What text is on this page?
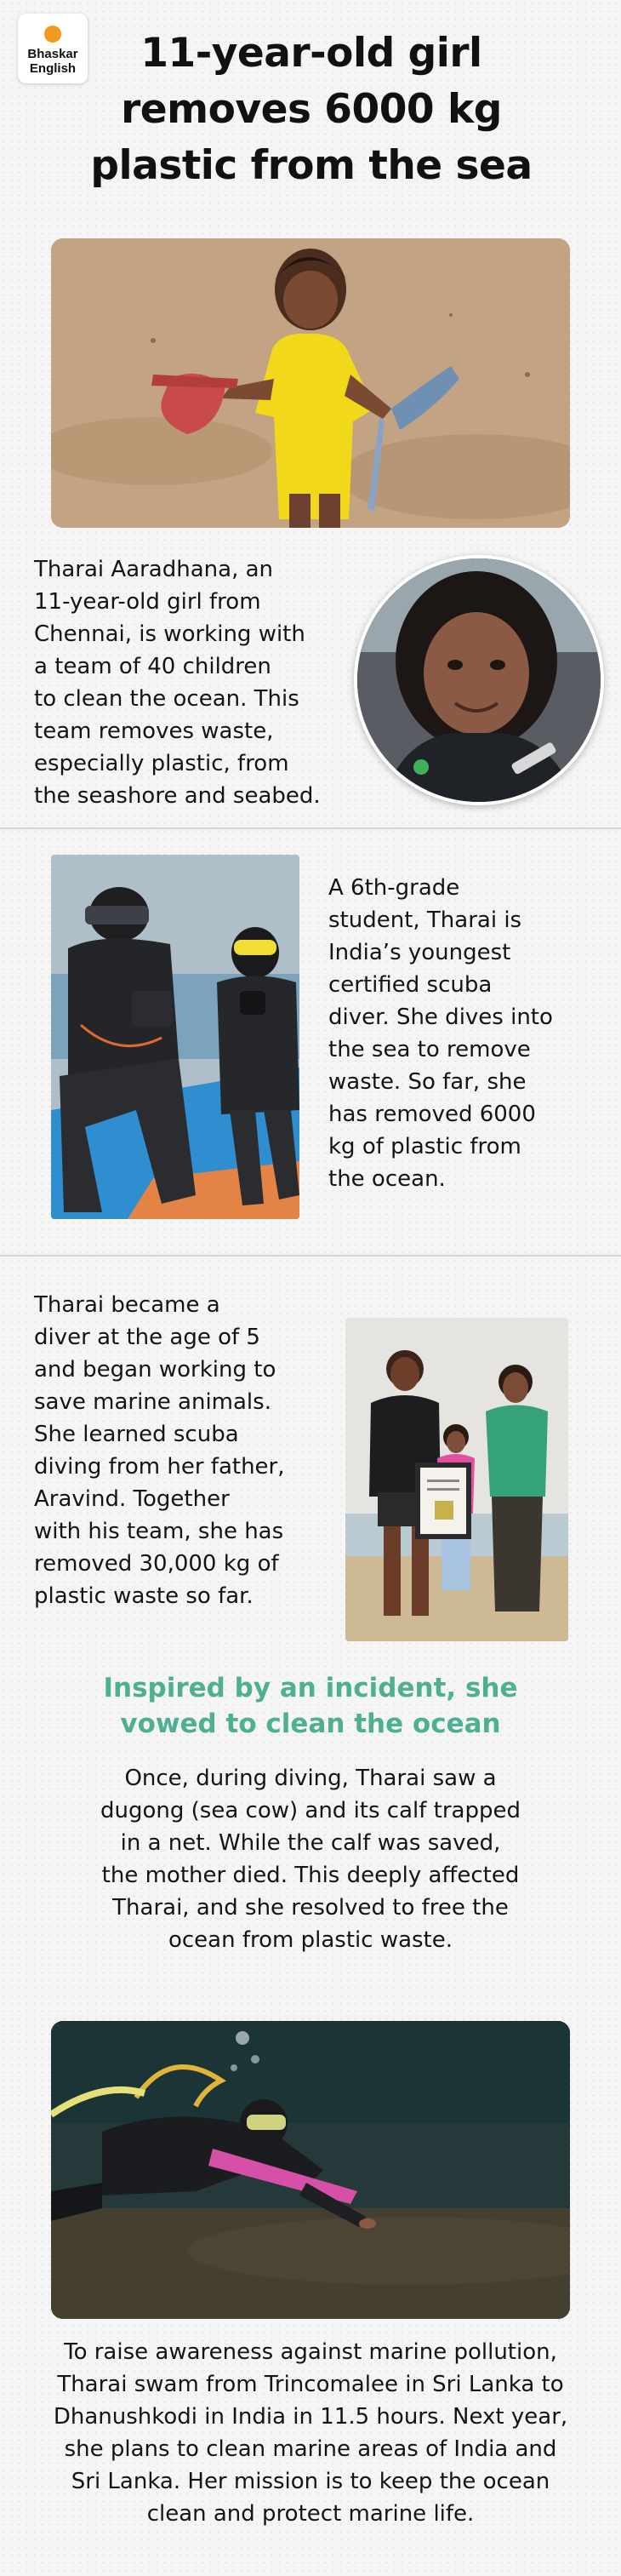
Bhaskar
English	11-year-old girl
removes 6000 kg
plastic from the sea

Tharai Aaradhana, an
11-year-old girl from
Chennai, is working with
a team of 40 children
to clean the ocean. This
team removes waste,
especially plastic, from
the seashore and seabed.

A 6th-grade
student, Tharai is
India’s youngest
certified scuba
diver. She dives into
the sea to remove
waste. So far, she
has removed 6000
kg of plastic from
the ocean.

Tharai became a
diver at the age of 5
and began working to
save marine animals.
She learned scuba
diving from her father,
Aravind. Together
with his team, she has
removed 30,000 kg of
plastic waste so far.

Inspired by an incident, she
vowed to clean the ocean

Once, during diving, Tharai saw a
dugong (sea cow) and its calf trapped
in a net. While the calf was saved,
the mother died. This deeply affected
Tharai, and she resolved to free the
ocean from plastic waste.

To raise awareness against marine pollution,
Tharai swam from Trincomalee in Sri Lanka to
Dhanushkodi in India in 11.5 hours. Next year,
she plans to clean marine areas of India and
Sri Lanka. Her mission is to keep the ocean
clean and protect marine life.
